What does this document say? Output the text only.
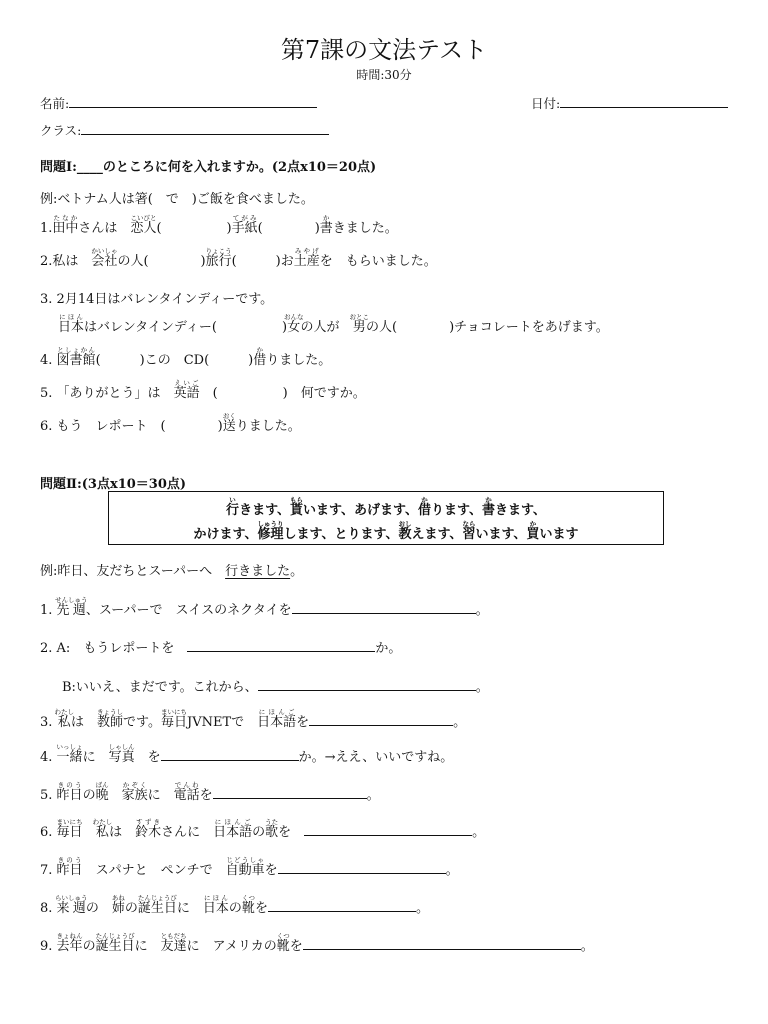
第7課の文法テスト
時間:30分
名前:	日付:
クラス:
問題Ⅰ:____のところに何を入れますか。(2点x10＝20点)
例:ベトナム人は箸(　で　)ご飯を食べました。
1.田中たなかさんは　恋人こいびと(　　　　　)手紙てがみ(　　　　)書かきました。
2.私は　会社かいしゃの人(　　　　)旅行りょこう(　　　)お土産みやげを　もらいました。
3. 2月14日はバレンタインディーです。
日本にほんはバレンタインディー(　　　　　)女おんなの人が　男おとこの人(　　　　)チョコレートをあげます。
4. 図書館としょかん(　　　)この　CD(　　　)借かりました。
5. 「ありがとう」は　英語えいご　(　　　　　)　何ですか。
6. もう　レポート　(　　　　)送おくりました。
問題Ⅱ:(3点x10＝30点)
行いきます、貰もらいます、あげます、借かります、書かきます、
かけます、修理しゅうりします、とります、教おしえます、習ならいます、買かいます
例:昨日、友だちとスーパーへ　行きました。
1. 先週せんしゅう、スーパーで　スイスのネクタイを	。
2. A:　もうレポートを　	か。
B:いいえ、まだです。これから、	。
3. 私わたしは　教師きょうしです。毎日まいにちJVNETで　日本語にほんごを	。
4. 一緒いっしょに　写真しゃしん　を	か。→ええ、いいですね。
5. 昨日きのうの晩ばん　家族かぞくに　電話でんわを	。
6. 毎日まいにち　私わたしは　鈴木すずきさんに　日本語にほんごの歌うたを　	。
7. 昨日きのう　スパナと　ペンチで　自動車じどうしゃを	。
8. 来週らいしゅうの　姉あねの誕生日たんじょうびに　日本にほんの靴くつを	。
9. 去年きょねんの誕生日たんじょうびに　友達ともだちに　アメリカの靴くつを	。
